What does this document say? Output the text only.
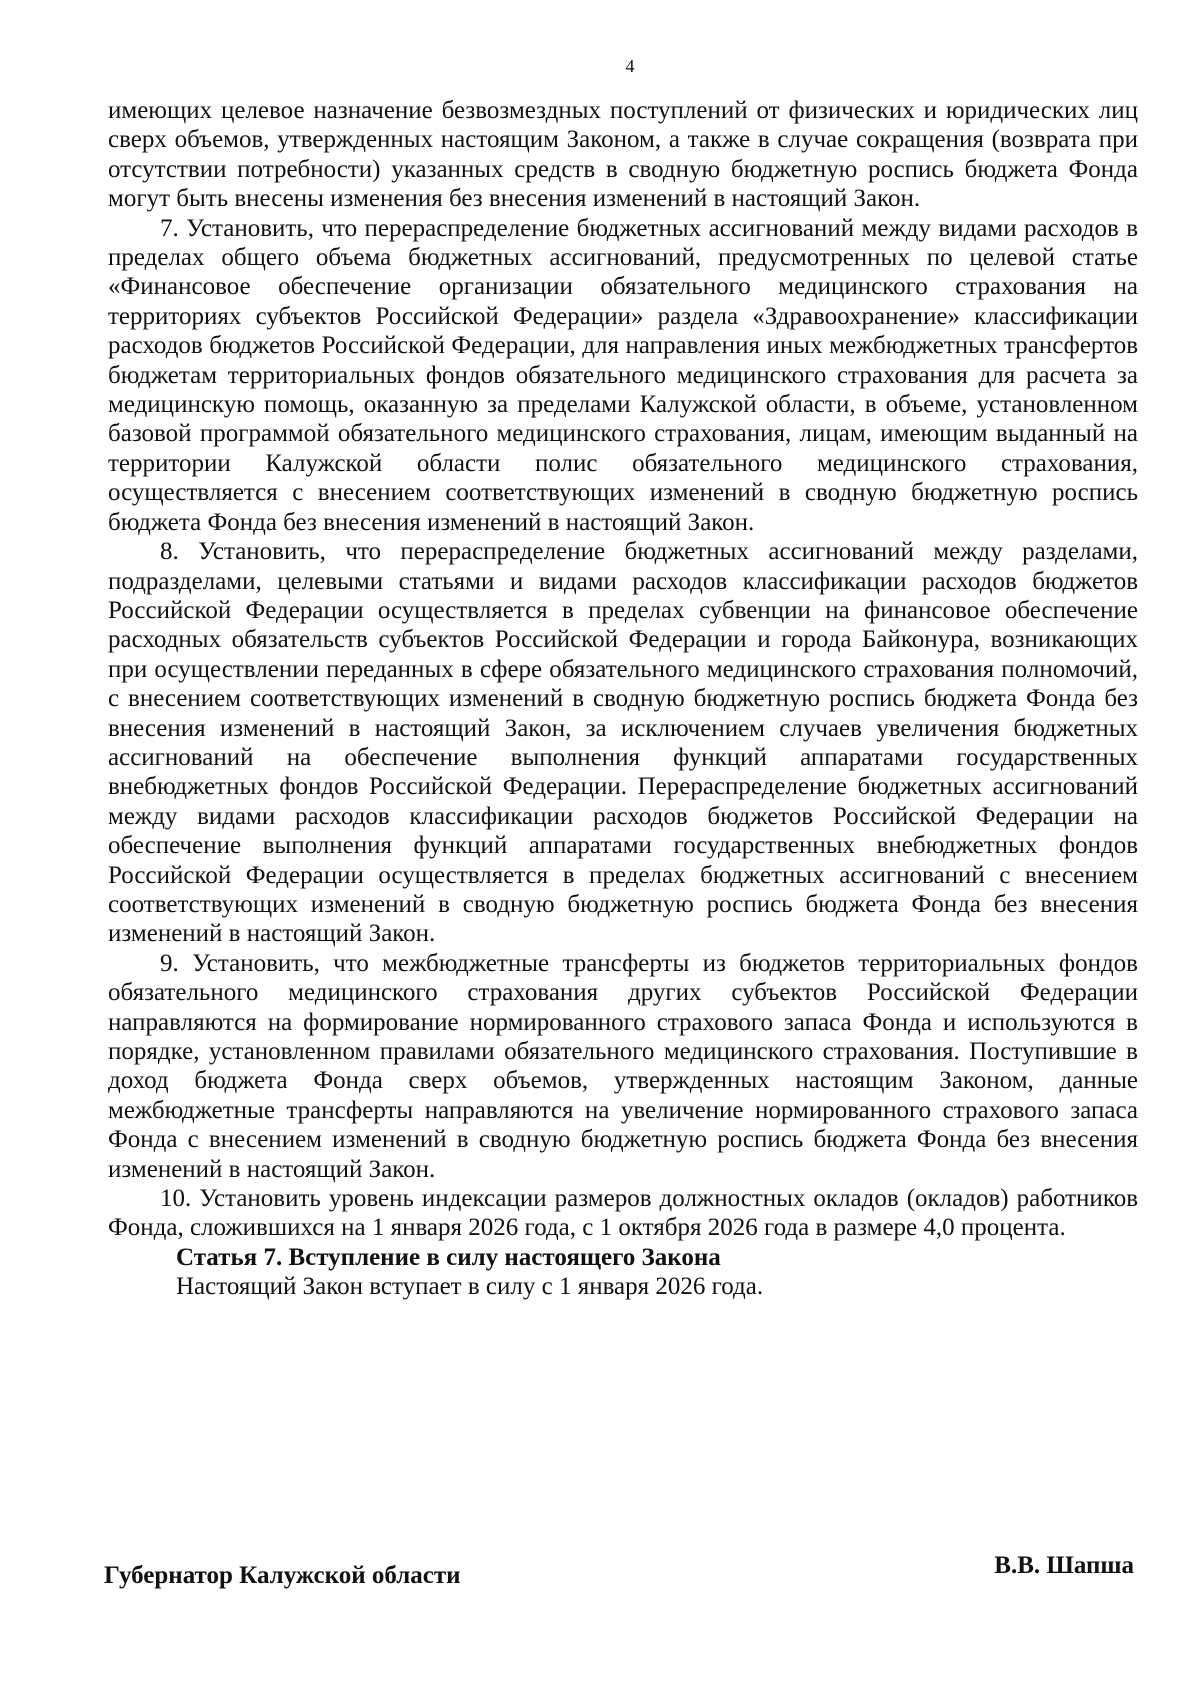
4

имеющих целевое назначение безвозмездных поступлений от физических и юридических лиц сверх объемов, утвержденных настоящим Законом, а также в случае сокращения (возврата при отсутствии потребности) указанных средств в сводную бюджетную роспись бюджета Фонда могут быть внесены изменения без внесения изменений в настоящий Закон.

7. Установить, что перераспределение бюджетных ассигнований между видами расходов в пределах общего объема бюджетных ассигнований, предусмотренных по целевой статье «Финансовое обеспечение организации обязательного медицинского страхования на территориях субъектов Российской Федерации» раздела «Здравоохранение» классификации расходов бюджетов Российской Федерации, для направления иных межбюджетных трансфертов бюджетам территориальных фондов обязательного медицинского страхования для расчета за медицинскую помощь, оказанную за пределами Калужской области, в объеме, установленном базовой программой обязательного медицинского страхования, лицам, имеющим выданный на территории Калужской области полис обязательного медицинского страхования, осуществляется с внесением соответствующих изменений в сводную бюджетную роспись бюджета Фонда без внесения изменений в настоящий Закон.

8. Установить, что перераспределение бюджетных ассигнований между разделами, подразделами, целевыми статьями и видами расходов классификации расходов бюджетов Российской Федерации осуществляется в пределах субвенции на финансовое обеспечение расходных обязательств субъектов Российской Федерации и города Байконура, возникающих при осуществлении переданных в сфере обязательного медицинского страхования полномочий, с внесением соответствующих изменений в сводную бюджетную роспись бюджета Фонда без внесения изменений в настоящий Закон, за исключением случаев увеличения бюджетных ассигнований на обеспечение выполнения функций аппаратами государственных внебюджетных фондов Российской Федерации. Перераспределение бюджетных ассигнований между видами расходов классификации расходов бюджетов Российской Федерации на обеспечение выполнения функций аппаратами государственных внебюджетных фондов Российской Федерации осуществляется в пределах бюджетных ассигнований с внесением соответствующих изменений в сводную бюджетную роспись бюджета Фонда без внесения изменений в настоящий Закон.

9. Установить, что межбюджетные трансферты из бюджетов территориальных фондов обязательного медицинского страхования других субъектов Российской Федерации направляются на формирование нормированного страхового запаса Фонда и используются в порядке, установленном правилами обязательного медицинского страхования. Поступившие в доход бюджета Фонда сверх объемов, утвержденных настоящим Законом, данные межбюджетные трансферты направляются на увеличение нормированного страхового запаса Фонда с внесением изменений в сводную бюджетную роспись бюджета Фонда без внесения изменений в настоящий Закон.

10. Установить уровень индексации размеров должностных окладов (окладов) работников Фонда, сложившихся на 1 января 2026 года, с 1 октября 2026 года в размере 4,0 процента.

Статья 7. Вступление в силу настоящего Закона

Настоящий Закон вступает в силу с 1 января 2026 года.

Губернатор Калужской области	В.В. Шапша
